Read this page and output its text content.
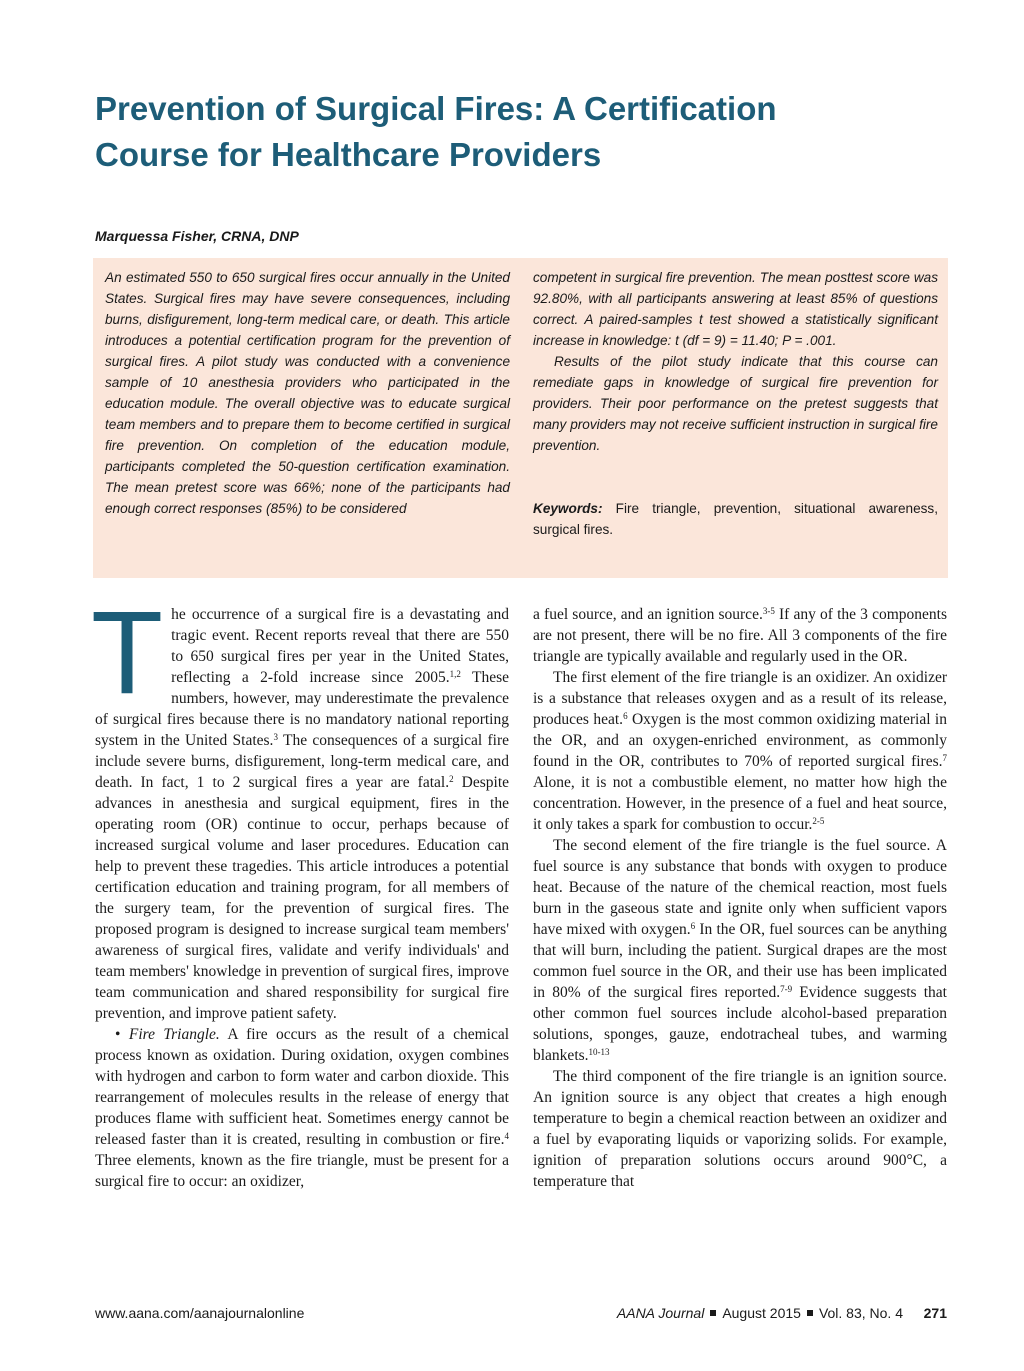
Prevention of Surgical Fires: A Certification
Course for Healthcare Providers

Marquessa Fisher, CRNA, DNP

An estimated 550 to 650 surgical fires occur annually in the United States. Surgical fires may have severe consequences, including burns, disfigurement, long-term medical care, or death. This article introduces a potential certification program for the prevention of surgical fires. A pilot study was conducted with a convenience sample of 10 anesthesia providers who participated in the education module. The overall objective was to educate surgical team members and to prepare them to become certified in surgical fire prevention. On completion of the education module, participants completed the 50-question certification examination. The mean pretest score was 66%; none of the participants had enough correct responses (85%) to be considered

competent in surgical fire prevention. The mean posttest score was 92.80%, with all participants answering at least 85% of questions correct. A paired-samples t test showed a statistically significant increase in knowledge: t (df = 9) = 11.40; P = .001.

Results of the pilot study indicate that this course can remediate gaps in knowledge of surgical fire prevention for providers. Their poor performance on the pretest suggests that many providers may not receive sufficient instruction in surgical fire prevention.

Keywords: Fire triangle, prevention, situational awareness, surgical fires.

The occurrence of a surgical fire is a devastating and tragic event. Recent reports reveal that there are 550 to 650 surgical fires per year in the United States, reflecting a 2-fold increase since 2005.$^{1,2}$ These numbers, however, may underestimate the prevalence of surgical fires because there is no mandatory national reporting system in the United States.$^3$ The consequences of a surgical fire include severe burns, disfigurement, long-term medical care, and death. In fact, 1 to 2 surgical fires a year are fatal.$^2$ Despite advances in anesthesia and surgical equipment, fires in the operating room (OR) continue to occur, perhaps because of increased surgical volume and laser procedures. Education can help to prevent these tragedies. This article introduces a potential certification education and training program, for all members of the surgery team, for the prevention of surgical fires. The proposed program is designed to increase surgical team members' awareness of surgical fires, validate and verify individuals' and team members' knowledge in prevention of surgical fires, improve team communication and shared responsibility for surgical fire prevention, and improve patient safety.

• Fire Triangle. A fire occurs as the result of a chemical process known as oxidation. During oxidation, oxygen combines with hydrogen and carbon to form water and carbon dioxide. This rearrangement of molecules results in the release of energy that produces flame with sufficient heat. Sometimes energy cannot be released faster than it is created, resulting in combustion or fire.$^4$ Three elements, known as the fire triangle, must be present for a surgical fire to occur: an oxidizer,

a fuel source, and an ignition source.$^{3-5}$ If any of the 3 components are not present, there will be no fire. All 3 components of the fire triangle are typically available and regularly used in the OR.

The first element of the fire triangle is an oxidizer. An oxidizer is a substance that releases oxygen and as a result of its release, produces heat.$^6$ Oxygen is the most common oxidizing material in the OR, and an oxygen-enriched environment, as commonly found in the OR, contributes to 70% of reported surgical fires.$^7$ Alone, it is not a combustible element, no matter how high the concentration. However, in the presence of a fuel and heat source, it only takes a spark for combustion to occur.$^{2-5}$

The second element of the fire triangle is the fuel source. A fuel source is any substance that bonds with oxygen to produce heat. Because of the nature of the chemical reaction, most fuels burn in the gaseous state and ignite only when sufficient vapors have mixed with oxygen.$^6$ In the OR, fuel sources can be anything that will burn, including the patient. Surgical drapes are the most common fuel source in the OR, and their use has been implicated in 80% of the surgical fires reported.$^{7-9}$ Evidence suggests that other common fuel sources include alcohol-based preparation solutions, sponges, gauze, endotracheal tubes, and warming blankets.$^{10-13}$

The third component of the fire triangle is an ignition source. An ignition source is any object that creates a high enough temperature to begin a chemical reaction between an oxidizer and a fuel by evaporating liquids or vaporizing solids. For example, ignition of preparation solutions occurs around 900°C, a temperature that

www.aana.com/aanajournalonline	AANA Journal August 2015 Vol. 83, No. 4 271
